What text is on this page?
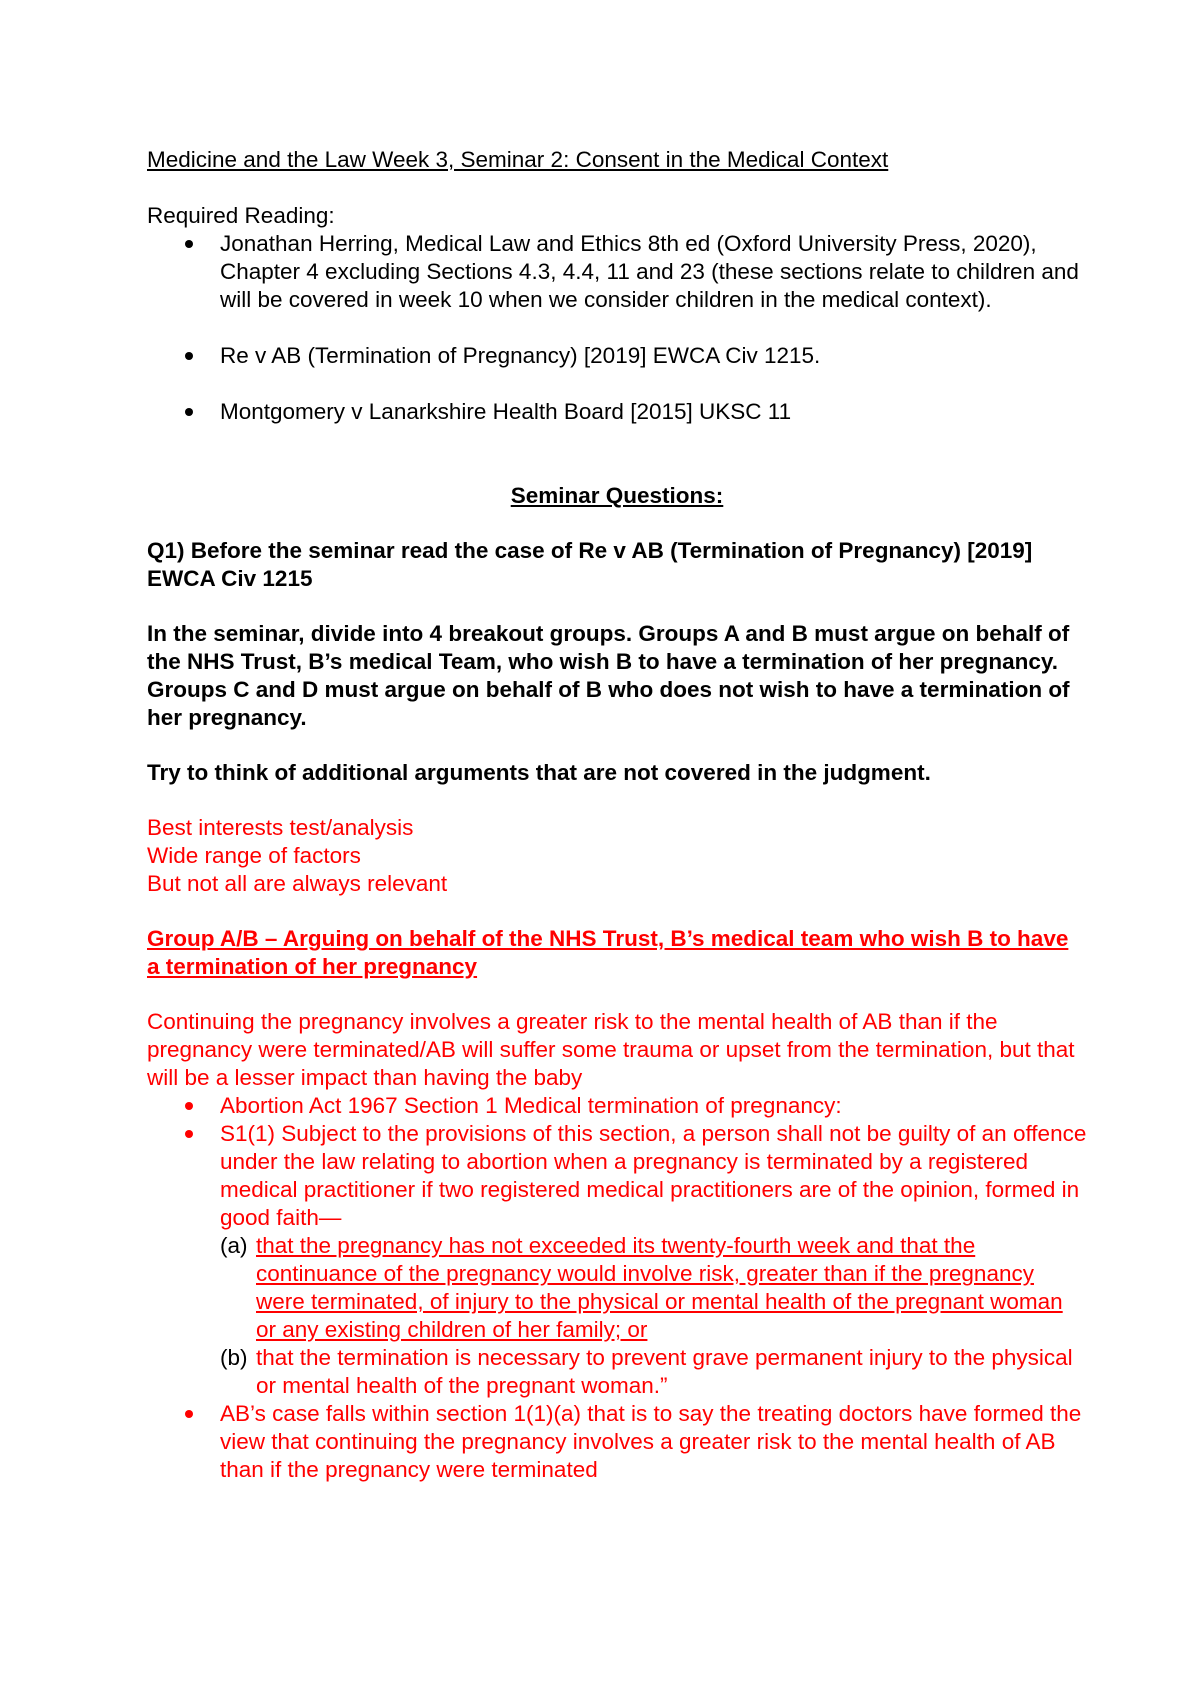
Medicine and the Law Week 3, Seminar 2: Consent in the Medical Context

Required Reading:

Jonathan Herring, Medical Law and Ethics 8th ed (Oxford University Press, 2020), Chapter 4 excluding Sections 4.3, 4.4, 11 and 23 (these sections relate to children and will be covered in week 10 when we consider children in the medical context).
Re v AB (Termination of Pregnancy) [2019] EWCA Civ 1215.
Montgomery v Lanarkshire Health Board [2015] UKSC 11

Seminar Questions:

Q1) Before the seminar read the case of Re v AB (Termination of Pregnancy) [2019] EWCA Civ 1215

In the seminar, divide into 4 breakout groups. Groups A and B must argue on behalf of the NHS Trust, B’s medical Team, who wish B to have a termination of her pregnancy. Groups C and D must argue on behalf of B who does not wish to have a termination of her pregnancy.

Try to think of additional arguments that are not covered in the judgment.

Best interests test/analysis

Wide range of factors

But not all are always relevant

Group A/B – Arguing on behalf of the NHS Trust, B’s medical team who wish B to have a termination of her pregnancy

Continuing the pregnancy involves a greater risk to the mental health of AB than if the pregnancy were terminated/AB will suffer some trauma or upset from the termination, but that will be a lesser impact than having the baby

Abortion Act 1967 Section 1 Medical termination of pregnancy:
S1(1) Subject to the provisions of this section, a person shall not be guilty of an offence under the law relating to abortion when a pregnancy is terminated by a registered medical practitioner if two registered medical practitioners are of the opinion, formed in good faith—
(a) that the pregnancy has not exceeded its twenty-fourth week and that the continuance of the pregnancy would involve risk, greater than if the pregnancy were terminated, of injury to the physical or mental health of the pregnant woman or any existing children of her family; or
(b) that the termination is necessary to prevent grave permanent injury to the physical or mental health of the pregnant woman.”
AB’s case falls within section 1(1)(a) that is to say the treating doctors have formed the view that continuing the pregnancy involves a greater risk to the mental health of AB than if the pregnancy were terminated
